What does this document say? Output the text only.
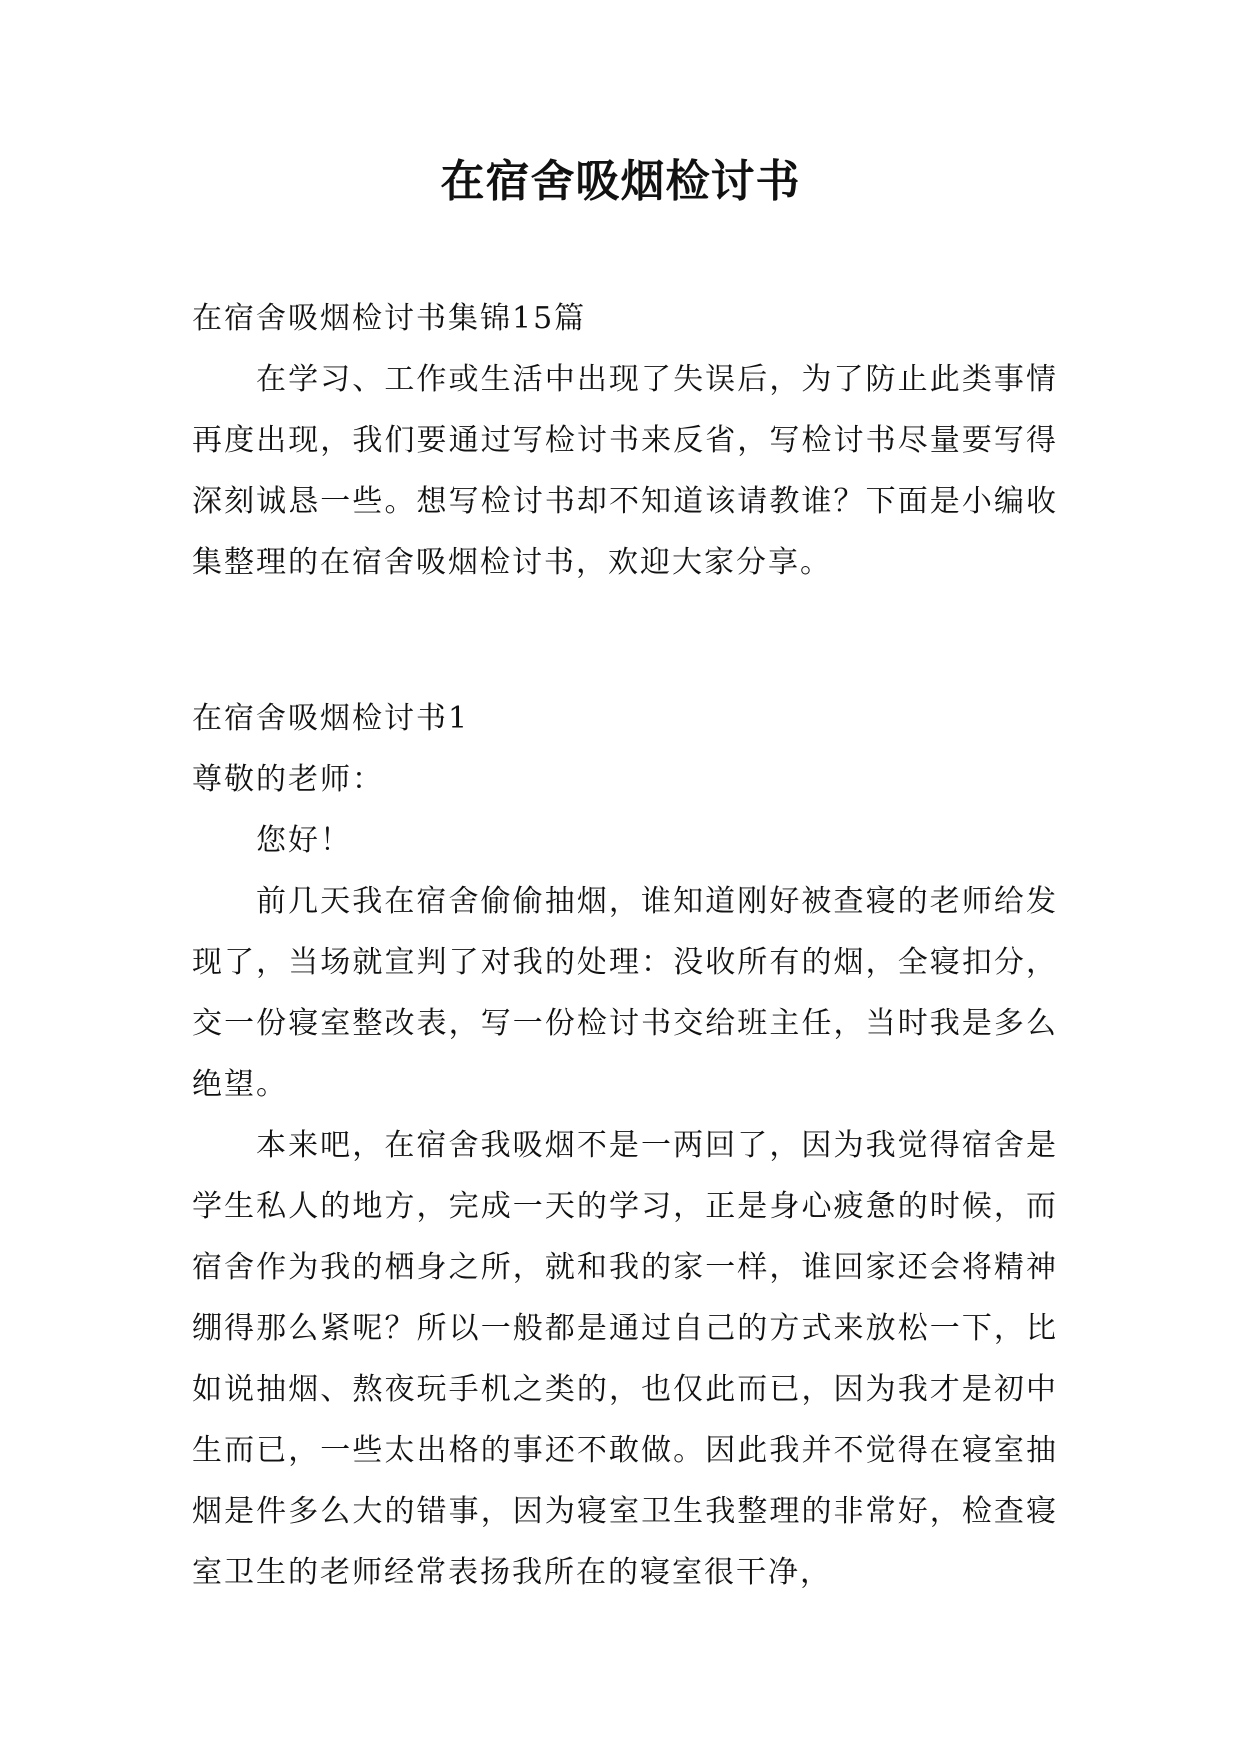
在宿舍吸烟检讨书

在宿舍吸烟检讨书集锦15篇

在学习、工作或生活中出现了失误后，为了防止此类事情再度出现，我们要通过写检讨书来反省，写检讨书尽量要写得深刻诚恳一些。想写检讨书却不知道该请教谁？下面是小编收集整理的在宿舍吸烟检讨书，欢迎大家分享。

在宿舍吸烟检讨书1

尊敬的老师：

您好！

前几天我在宿舍偷偷抽烟，谁知道刚好被查寝的老师给发现了，当场就宣判了对我的处理：没收所有的烟，全寝扣分，交一份寝室整改表，写一份检讨书交给班主任，当时我是多么绝望。

本来吧，在宿舍我吸烟不是一两回了，因为我觉得宿舍是学生私人的地方，完成一天的学习，正是身心疲惫的时候，而宿舍作为我的栖身之所，就和我的家一样，谁回家还会将精神绷得那么紧呢？所以一般都是通过自己的方式来放松一下，比如说抽烟、熬夜玩手机之类的，也仅此而已，因为我才是初中生而已，一些太出格的事还不敢做。因此我并不觉得在寝室抽烟是件多么大的错事，因为寝室卫生我整理的非常好，检查寝室卫生的老师经常表扬我所在的寝室很干净，
